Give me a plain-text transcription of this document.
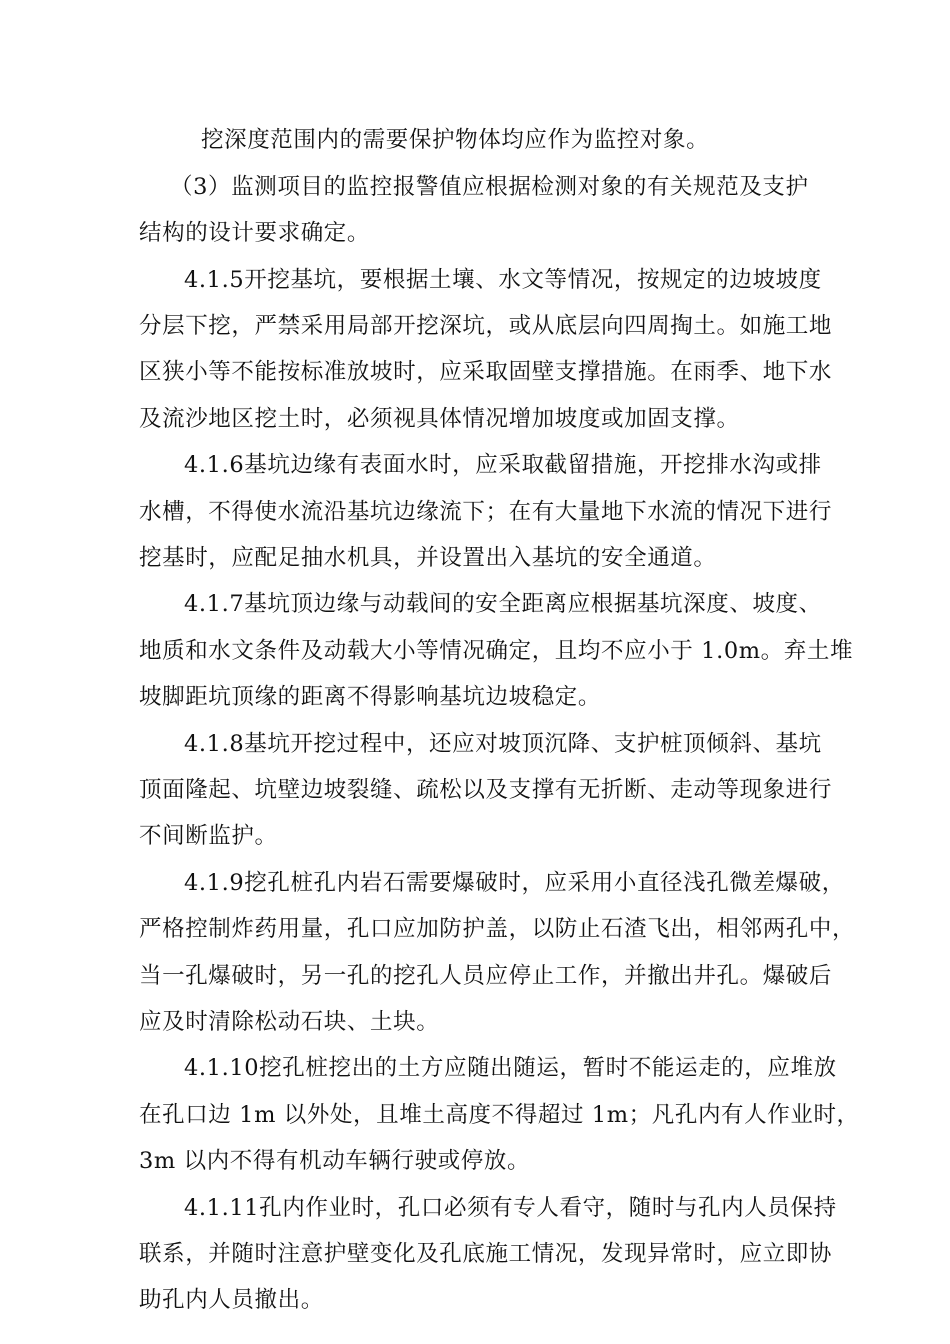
挖深度范围内的需要保护物体均应作为监控对象。
（3）监测项目的监控报警值应根据检测对象的有关规范及支护
结构的设计要求确定。
4.1.5开挖基坑，要根据土壤、水文等情况，按规定的边坡坡度
分层下挖，严禁采用局部开挖深坑，或从底层向四周掏土。如施工地
区狭小等不能按标准放坡时，应采取固壁支撑措施。在雨季、地下水
及流沙地区挖土时，必须视具体情况增加坡度或加固支撑。
4.1.6基坑边缘有表面水时，应采取截留措施，开挖排水沟或排
水槽，不得使水流沿基坑边缘流下；在有大量地下水流的情况下进行
挖基时，应配足抽水机具，并设置出入基坑的安全通道。
4.1.7基坑顶边缘与动载间的安全距离应根据基坑深度、坡度、
地质和水文条件及动载大小等情况确定，且均不应小于 1.0m。弃土堆
坡脚距坑顶缘的距离不得影响基坑边坡稳定。
4.1.8基坑开挖过程中，还应对坡顶沉降、支护桩顶倾斜、基坑
顶面隆起、坑壁边坡裂缝、疏松以及支撑有无折断、走动等现象进行
不间断监护。
4.1.9挖孔桩孔内岩石需要爆破时，应采用小直径浅孔微差爆破，
严格控制炸药用量，孔口应加防护盖，以防止石渣飞出，相邻两孔中，
当一孔爆破时，另一孔的挖孔人员应停止工作，并撤出井孔。爆破后
应及时清除松动石块、土块。
4.1.10挖孔桩挖出的土方应随出随运，暂时不能运走的，应堆放
在孔口边 1m 以外处，且堆土高度不得超过 1m；凡孔内有人作业时，
3m 以内不得有机动车辆行驶或停放。
4.1.11孔内作业时，孔口必须有专人看守，随时与孔内人员保持
联系，并随时注意护壁变化及孔底施工情况，发现异常时，应立即协
助孔内人员撤出。
